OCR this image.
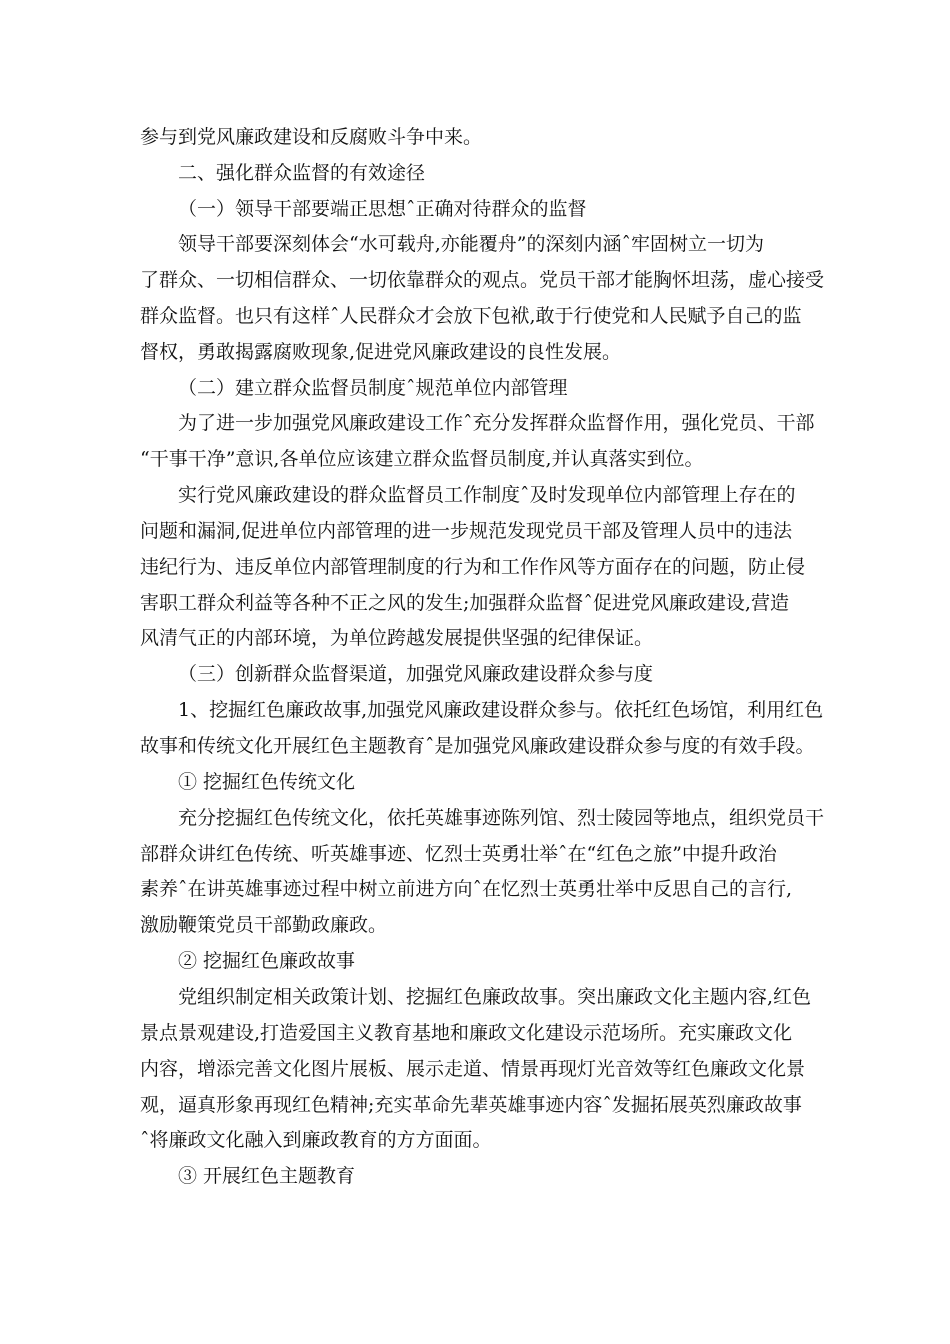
参与到党风廉政建设和反腐败斗争中来。
二、强化群众监督的有效途径
（一）领导干部要端正思想ˆ正确对待群众的监督
领导干部要深刻体会“水可载舟,亦能覆舟”的深刻内涵ˆ牢固树立一切为
了群众、一切相信群众、一切依靠群众的观点。党员干部才能胸怀坦荡，虚心接受
群众监督。也只有这样ˆ人民群众才会放下包袱,敢于行使党和人民赋予自己的监
督权，勇敢揭露腐败现象,促进党风廉政建设的良性发展。
（二）建立群众监督员制度ˆ规范单位内部管理
为了进一步加强党风廉政建设工作ˆ充分发挥群众监督作用，强化党员、干部
“干事干净”意识,各单位应该建立群众监督员制度,并认真落实到位。
实行党风廉政建设的群众监督员工作制度ˆ及时发现单位内部管理上存在的
问题和漏洞,促进单位内部管理的进一步规范发现党员干部及管理人员中的违法
违纪行为、违反单位内部管理制度的行为和工作作风等方面存在的问题，防止侵
害职工群众利益等各种不正之风的发生;加强群众监督ˆ促进党风廉政建设,营造
风清气正的内部环境，为单位跨越发展提供坚强的纪律保证。
（三）创新群众监督渠道，加强党风廉政建设群众参与度
1、挖掘红色廉政故事,加强党风廉政建设群众参与。依托红色场馆，利用红色
故事和传统文化开展红色主题教育ˆ是加强党风廉政建设群众参与度的有效手段。
① 挖掘红色传统文化
充分挖掘红色传统文化，依托英雄事迹陈列馆、烈士陵园等地点，组织党员干
部群众讲红色传统、听英雄事迹、忆烈士英勇壮举ˆ在“红色之旅”中提升政治
素养ˆ在讲英雄事迹过程中树立前进方向ˆ在忆烈士英勇壮举中反思自己的言行,
激励鞭策党员干部勤政廉政。
② 挖掘红色廉政故事
党组织制定相关政策计划、挖掘红色廉政故事。突出廉政文化主题内容,红色
景点景观建设,打造爱国主义教育基地和廉政文化建设示范场所。充实廉政文化
内容，增添完善文化图片展板、展示走道、情景再现灯光音效等红色廉政文化景
观，逼真形象再现红色精神;充实革命先辈英雄事迹内容ˆ发掘拓展英烈廉政故事
ˆ将廉政文化融入到廉政教育的方方面面。
③ 开展红色主题教育
